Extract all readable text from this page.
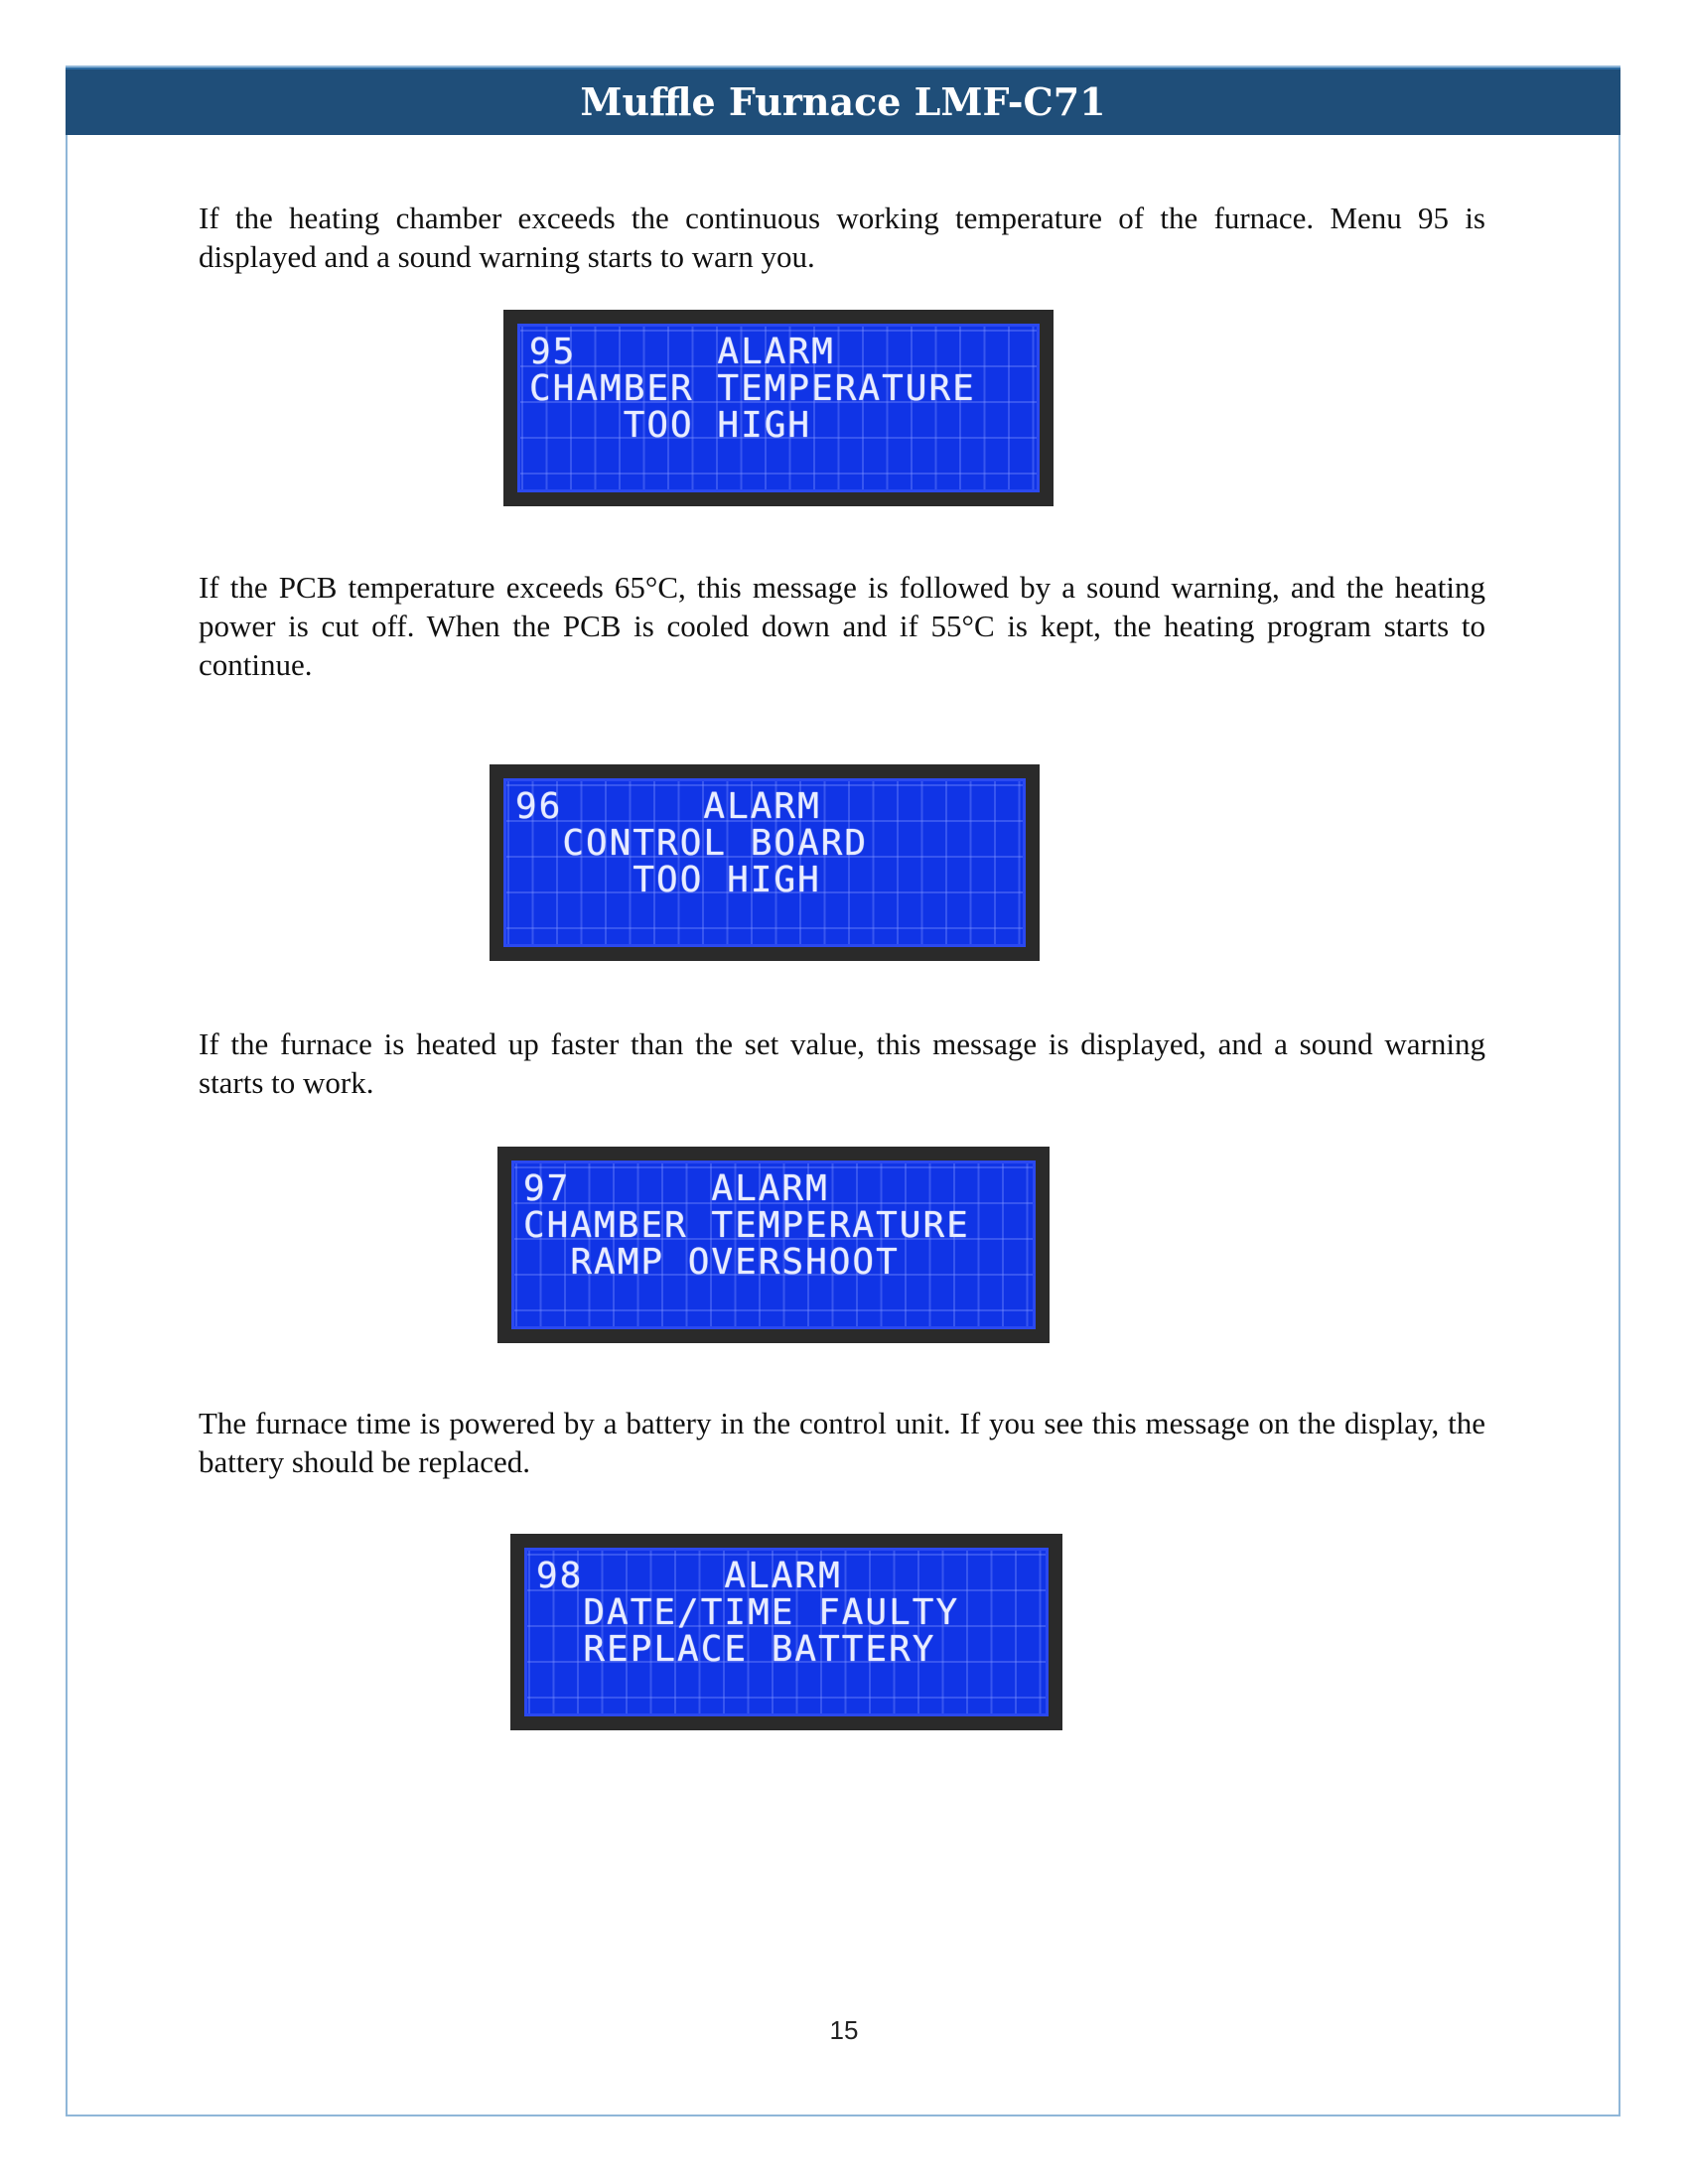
Muffle Furnace LMF-C71

If the heating chamber exceeds the continuous working temperature of the furnace. Menu 95 is displayed and a sound warning starts to warn you.

95      ALARM
CHAMBER TEMPERATURE
TOO HIGH

If the PCB temperature exceeds 65°C, this message is followed by a sound warning, and the heating power is cut off. When the PCB is cooled down and if 55°C is kept, the heating program starts to continue.

96      ALARM
CONTROL BOARD
TOO HIGH

If the furnace is heated up faster than the set value, this message is displayed, and a sound warning starts to work.

97      ALARM
CHAMBER TEMPERATURE
RAMP OVERSHOOT

The furnace time is powered by a battery in the control unit. If you see this message on the display, the battery should be replaced.

98      ALARM
DATE/TIME FAULTY
REPLACE BATTERY
15
